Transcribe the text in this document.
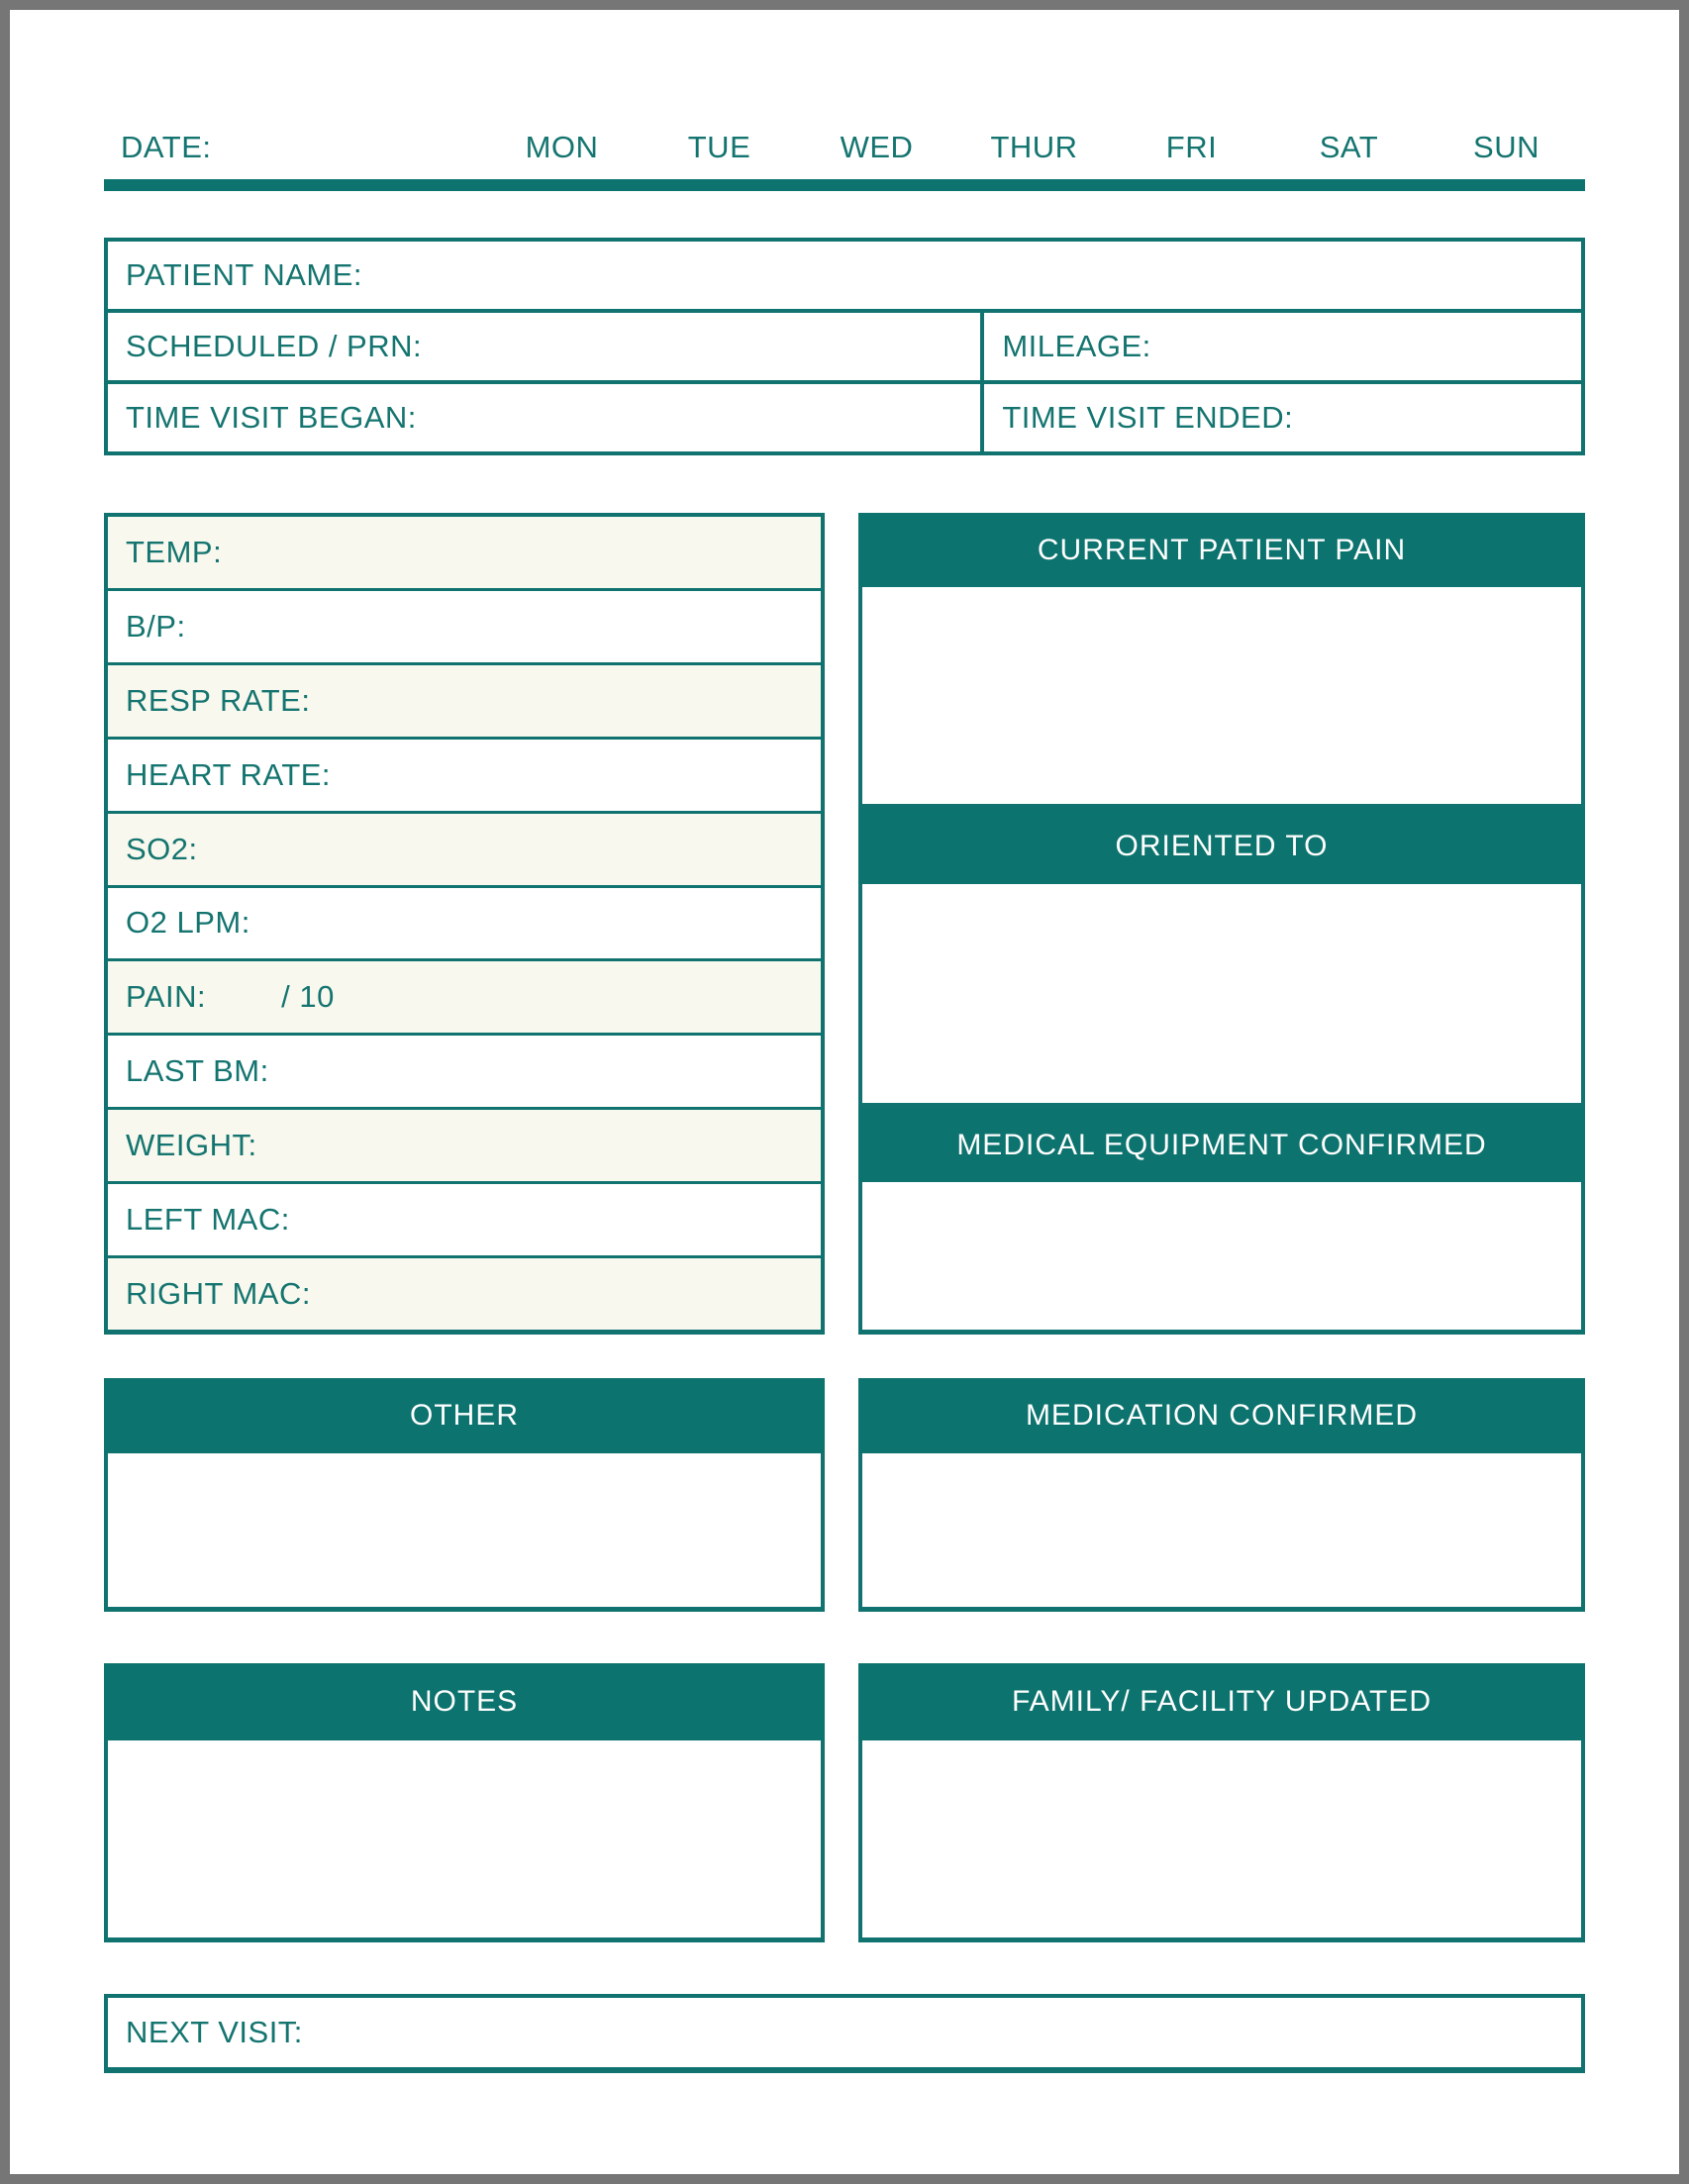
DATE:	MON	TUE	WED	THUR	FRI	SAT	SUN
PATIENT NAME:
SCHEDULED / PRN:	MILEAGE:
TIME VISIT BEGAN:	TIME VISIT ENDED:
TEMP:
B/P:
RESP RATE:
HEART RATE:
SO2:
O2 LPM:
PAIN: / 10
LAST BM:
WEIGHT:
LEFT MAC:
RIGHT MAC:
CURRENT PATIENT PAIN
ORIENTED TO
MEDICAL EQUIPMENT CONFIRMED
OTHER	MEDICATION CONFIRMED
NOTES	FAMILY/ FACILITY UPDATED
NEXT VISIT:
